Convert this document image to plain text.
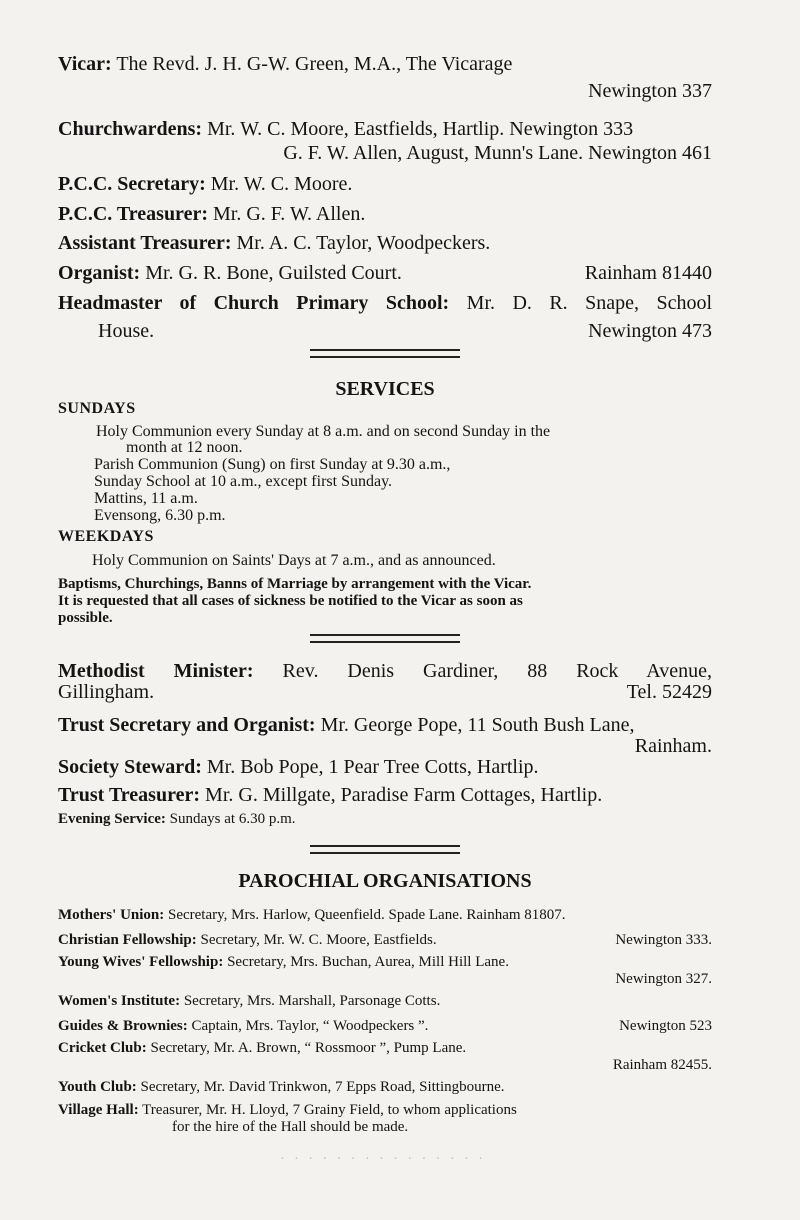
Vicar: The Revd. J. H. G-W. Green, M.A., The Vicarage
Newington 337
Churchwardens: Mr. W. C. Moore, Eastfields, Hartlip. Newington 333
G. F. W. Allen, August, Munn's Lane. Newington 461
P.C.C. Secretary: Mr. W. C. Moore.
P.C.C. Treasurer: Mr. G. F. W. Allen.
Assistant Treasurer: Mr. A. C. Taylor, Woodpeckers.
Organist: Mr. G. R. Bone, Guilsted Court.	Rainham 81440
Headmaster of Church Primary School: Mr. D. R. Snape, School
House.	Newington 473
SERVICES
SUNDAYS
Holy Communion every Sunday at 8 a.m. and on second Sunday in the
month at 12 noon.
Parish Communion (Sung) on first Sunday at 9.30 a.m.,
Sunday School at 10 a.m., except first Sunday.
Mattins, 11 a.m.
Evensong, 6.30 p.m.
WEEKDAYS
Holy Communion on Saints' Days at 7 a.m., and as announced.
Baptisms, Churchings, Banns of Marriage by arrangement with the Vicar.
It is requested that all cases of sickness be notified to the Vicar as soon as
possible.
Methodist Minister: Rev. Denis Gardiner, 88 Rock Avenue,
Gillingham.	Tel. 52429
Trust Secretary and Organist: Mr. George Pope, 11 South Bush Lane,
Rainham.
Society Steward: Mr. Bob Pope, 1 Pear Tree Cotts, Hartlip.
Trust Treasurer: Mr. G. Millgate, Paradise Farm Cottages, Hartlip.
Evening Service: Sundays at 6.30 p.m.
PAROCHIAL ORGANISATIONS
Mothers' Union: Secretary, Mrs. Harlow, Queenfield. Spade Lane. Rainham 81807.
Christian Fellowship: Secretary, Mr. W. C. Moore, Eastfields.	Newington 333.
Young Wives' Fellowship: Secretary, Mrs. Buchan, Aurea, Mill Hill Lane.
Newington 327.
Women's Institute: Secretary, Mrs. Marshall, Parsonage Cotts.
Guides & Brownies: Captain, Mrs. Taylor, “ Woodpeckers ”.	Newington 523
Cricket Club: Secretary, Mr. A. Brown, “ Rossmoor ”, Pump Lane.
Rainham 82455.
Youth Club: Secretary, Mr. David Trinkwon, 7 Epps Road, Sittingbourne.
Village Hall: Treasurer, Mr. H. Lloyd, 7 Grainy Field, to whom applications
for the hire of the Hall should be made.
· · · · · · · · · · · · · · ·
